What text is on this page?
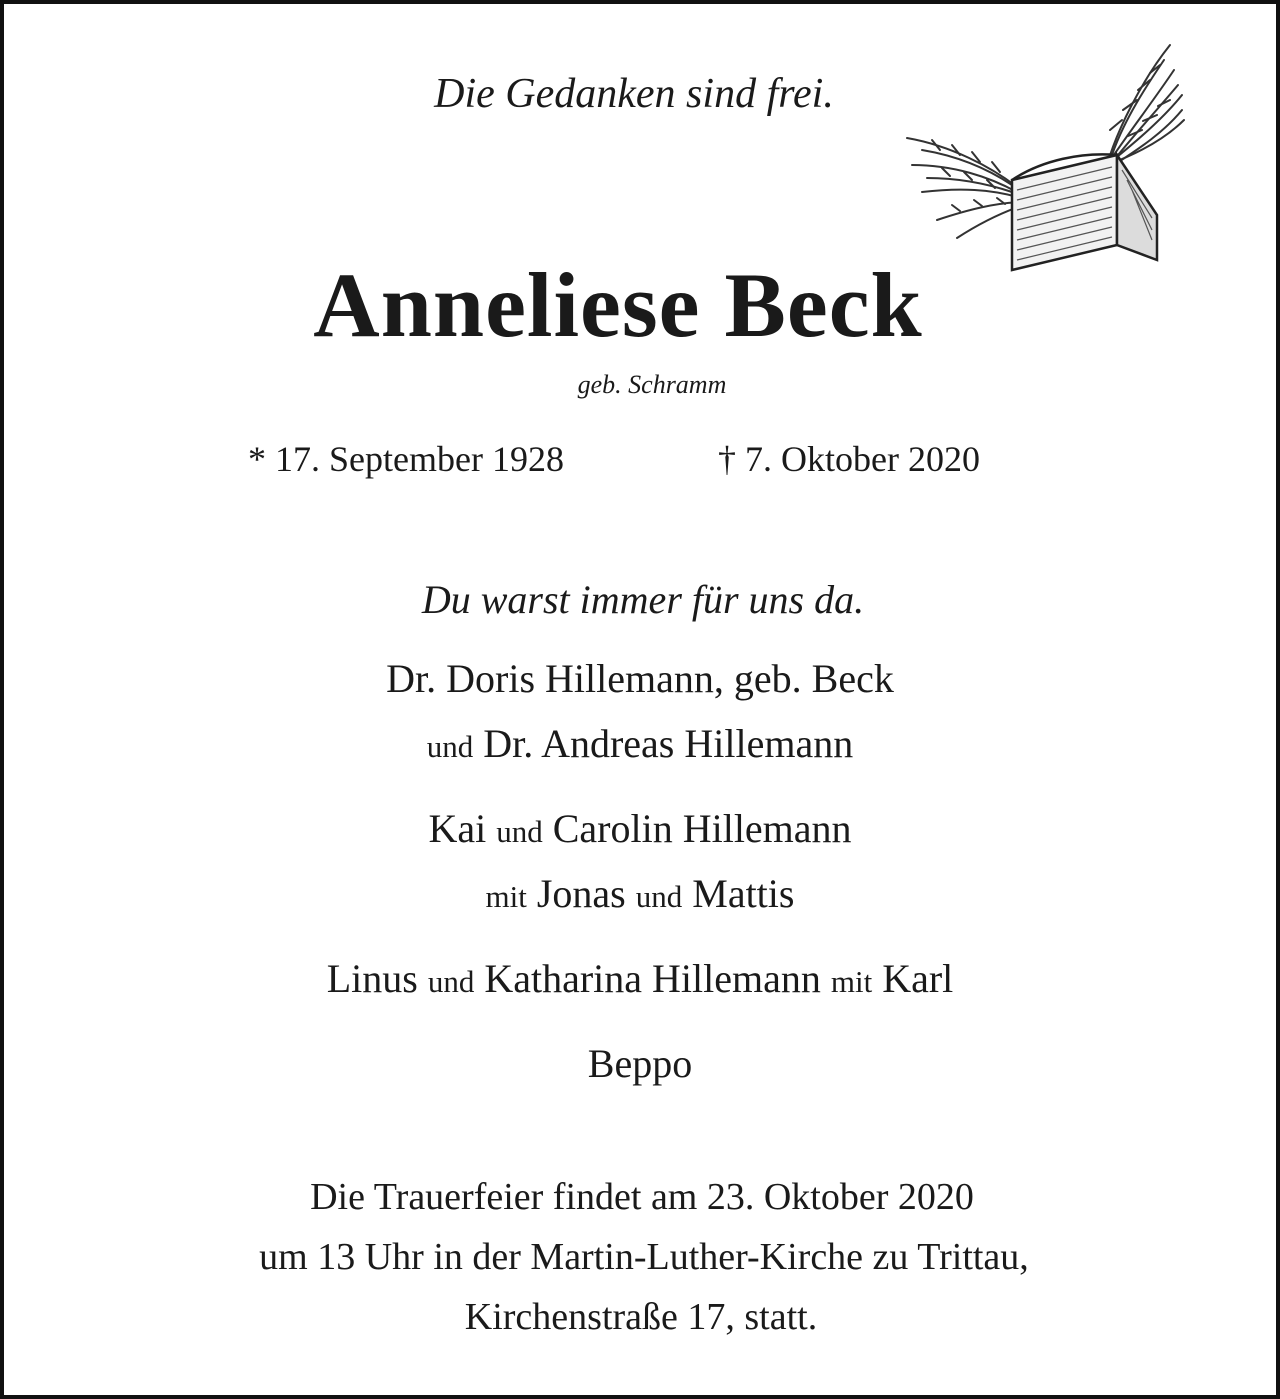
Die Gedanken sind frei.
Anneliese Beck
geb. Schramm
* 17. September 1928	† 7. Oktober 2020
Du warst immer für uns da.
Dr. Doris Hillemann, geb. Beck
und Dr. Andreas Hillemann
Kai und Carolin Hillemann
mit Jonas und Mattis
Linus und Katharina Hillemann mit Karl
Beppo
Die Trauerfeier findet am 23. Oktober 2020
um 13 Uhr in der Martin-Luther-Kirche zu Trittau,
Kirchenstraße 17, statt.
